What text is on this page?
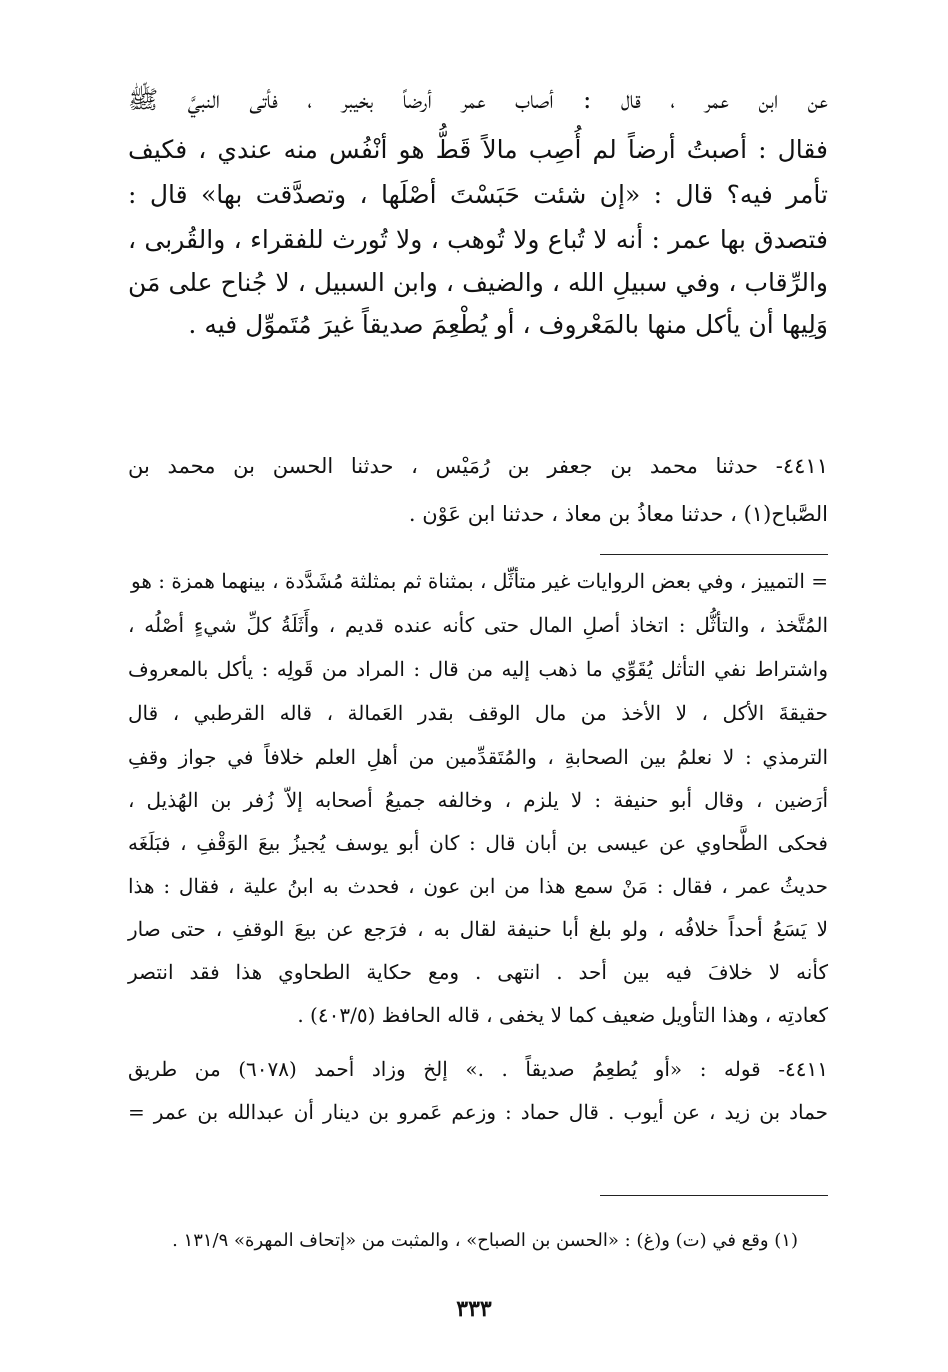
عن ابن عمر ، قال : أصاب عمر أرضاً بخيبر ، فأتى النبيَّ ﷺ
فقال : أصبتُ أرضاً لم أُصِب مالاً قَطُّ هو أنْفُس منه عندي ، فكيف
تأمر فيه؟ قال : «إن شئت حَبَسْتَ أصْلَها ، وتصدَّقت بها» قال :
فتصدق بها عمر : أنه لا تُباع ولا تُوهب ، ولا تُورث للفقراء ، والقُربى ،
والرِّقاب ، وفي سبيلِ الله ، والضيف ، وابن السبيل ، لا جُناح على مَن
وَلِيها أن يأكل منها بالمَعْروف ، أو يُطْعِمَ صديقاً غيرَ مُتَموِّل فيه .
٤٤١١- حدثنا محمد بن جعفر بن رُمَيْس ، حدثنا الحسن بن محمد بن
الصَّباح(١) ، حدثنا معاذُ بن معاذ ، حدثنا ابن عَوْن .
= التمييز ، وفي بعض الروايات غير متأثِّل ، بمثناة ثم بمثلثة مُشَدَّدة ، بينهما همزة : هو
المُتَّخذ ، والتأثُّل : اتخاذ أصلِ المال حتى كأنه عنده قديم ، وأَثَلَةُ كلِّ شيءٍ أصْلُه ،
واشتراط نفي التأثل يُقَوِّي ما ذهب إليه من قال : المراد من قَولِه : يأكل بالمعروف
حقيقةَ الأكل ، لا الأخذ من مال الوقف بقدر العَمالة ، قاله القرطبي ، قال
الترمذي : لا نعلمُ بين الصحابةِ ، والمُتَقدِّمين من أهلِ العلم خلافاً في جواز وقفِ
أرَضين ، وقال أبو حنيفة : لا يلزم ، وخالفه جميعُ أصحابه إلاّ زُفر بن الهُذيل ،
فحكى الطَّحاوي عن عيسى بن أبان قال : كان أبو يوسف يُجيزُ بيعَ الوَقْفِ ، فبَلَغَه
حديثُ عمر ، فقال : مَنْ سمع هذا من ابن عون ، فحدث به ابنُ علية ، فقال : هذا
لا يَسَعُ أحداً خلافُه ، ولو بلغ أبا حنيفة لقال به ، فرَجع عن بيعَ الوقفِ ، حتى صار
كأنه لا خلافَ فيه بين أحد . انتهى . ومع حكاية الطحاوي هذا فقد انتصر
كعادتِه ، وهذا التأويل ضعيف كما لا يخفى ، قاله الحافظ (٤٠٣/٥) .
٤٤١١- قوله : «أو يُطعِمُ صديقاً . .» إلخ وزاد أحمد (٦٠٧٨) من طريق
حماد بن زيد ، عن أيوب . قال حماد : وزعم عَمرو بن دينار أن عبدالله بن عمر =
(١) وقع في (ت) و(غ) : «الحسن بن الصباح» ، والمثبت من «إتحاف المهرة» ١٣١/٩ .
٣٣٣
